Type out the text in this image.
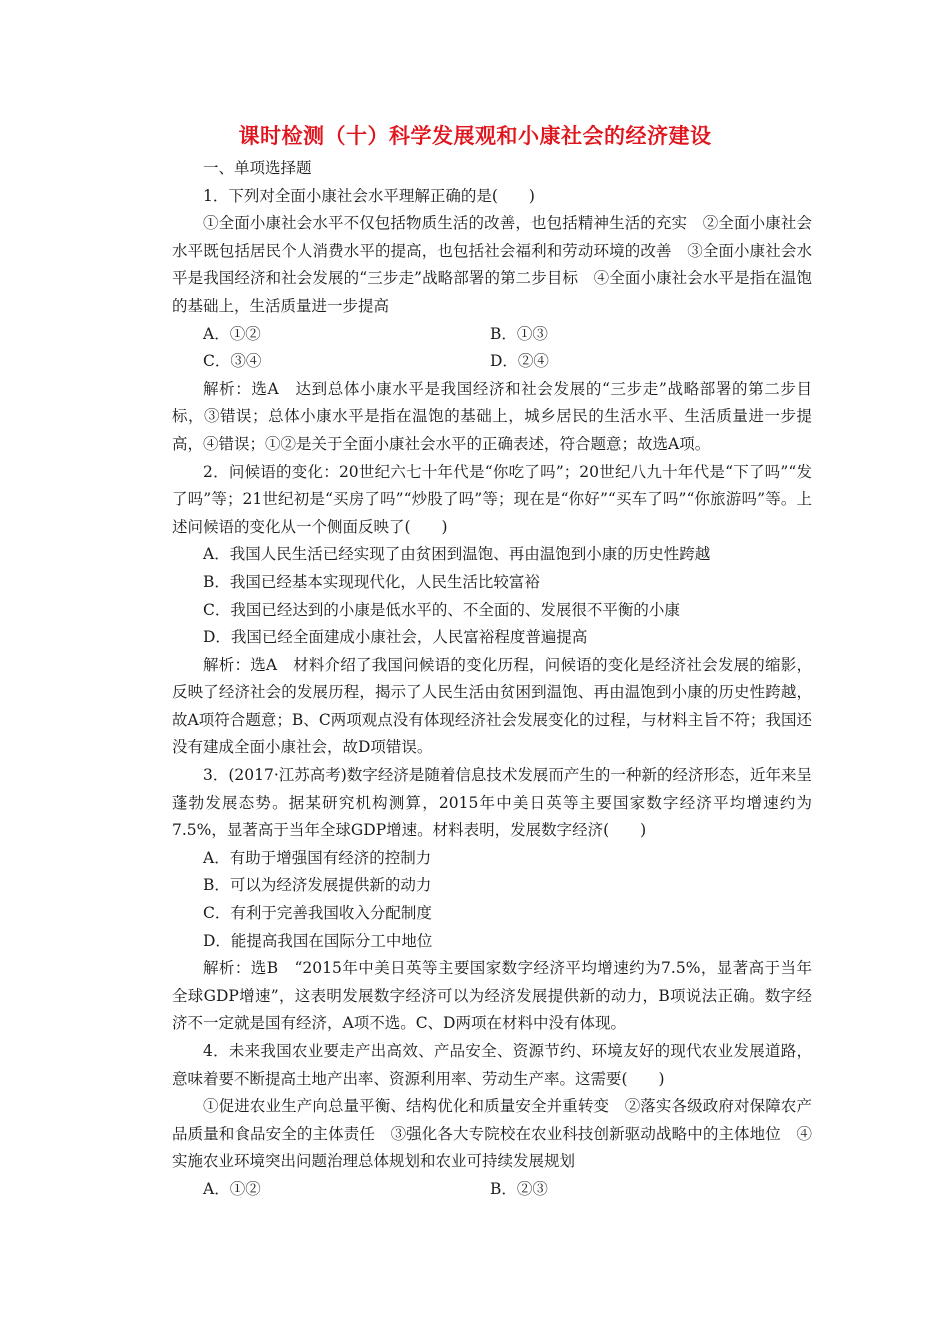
课时检测（十）科学发展观和小康社会的经济建设

一、单项选择题

1．下列对全面小康社会水平理解正确的是(　　)

①全面小康社会水平不仅包括物质生活的改善，也包括精神生活的充实　②全面小康社会水平既包括居民个人消费水平的提高，也包括社会福利和劳动环境的改善　③全面小康社会水平是我国经济和社会发展的“三步走”战略部署的第二步目标　④全面小康社会水平是指在温饱的基础上，生活质量进一步提高

A．①②	B．①③
C．③④	D．②④

解析：选A　达到总体小康水平是我国经济和社会发展的“三步走”战略部署的第二步目标，③错误；总体小康水平是指在温饱的基础上，城乡居民的生活水平、生活质量进一步提高，④错误；①②是关于全面小康社会水平的正确表述，符合题意；故选A项。

2．问候语的变化：20世纪六七十年代是“你吃了吗”；20世纪八九十年代是“下了吗”“发了吗”等；21世纪初是“买房了吗”“炒股了吗”等；现在是“你好”“买车了吗”“你旅游吗”等。上述问候语的变化从一个侧面反映了(　　)

A．我国人民生活已经实现了由贫困到温饱、再由温饱到小康的历史性跨越

B．我国已经基本实现现代化，人民生活比较富裕

C．我国已经达到的小康是低水平的、不全面的、发展很不平衡的小康

D．我国已经全面建成小康社会，人民富裕程度普遍提高

解析：选A　材料介绍了我国问候语的变化历程，问候语的变化是经济社会发展的缩影，反映了经济社会的发展历程，揭示了人民生活由贫困到温饱、再由温饱到小康的历史性跨越，故A项符合题意；B、C两项观点没有体现经济社会发展变化的过程，与材料主旨不符；我国还没有建成全面小康社会，故D项错误。

3．(2017·江苏高考)数字经济是随着信息技术发展而产生的一种新的经济形态，近年来呈蓬勃发展态势。据某研究机构测算，2015年中美日英等主要国家数字经济平均增速约为7.5%，显著高于当年全球GDP增速。材料表明，发展数字经济(　　)

A．有助于增强国有经济的控制力

B．可以为经济发展提供新的动力

C．有利于完善我国收入分配制度

D．能提高我国在国际分工中地位

解析：选B　“2015年中美日英等主要国家数字经济平均增速约为7.5%，显著高于当年全球GDP增速”，这表明发展数字经济可以为经济发展提供新的动力，B项说法正确。数字经济不一定就是国有经济，A项不选。C、D两项在材料中没有体现。

4．未来我国农业要走产出高效、产品安全、资源节约、环境友好的现代农业发展道路，意味着要不断提高土地产出率、资源利用率、劳动生产率。这需要(　　)

①促进农业生产向总量平衡、结构优化和质量安全并重转变　②落实各级政府对保障农产品质量和食品安全的主体责任　③强化各大专院校在农业科技创新驱动战略中的主体地位　④实施农业环境突出问题治理总体规划和农业可持续发展规划

A．①②	B．②③
